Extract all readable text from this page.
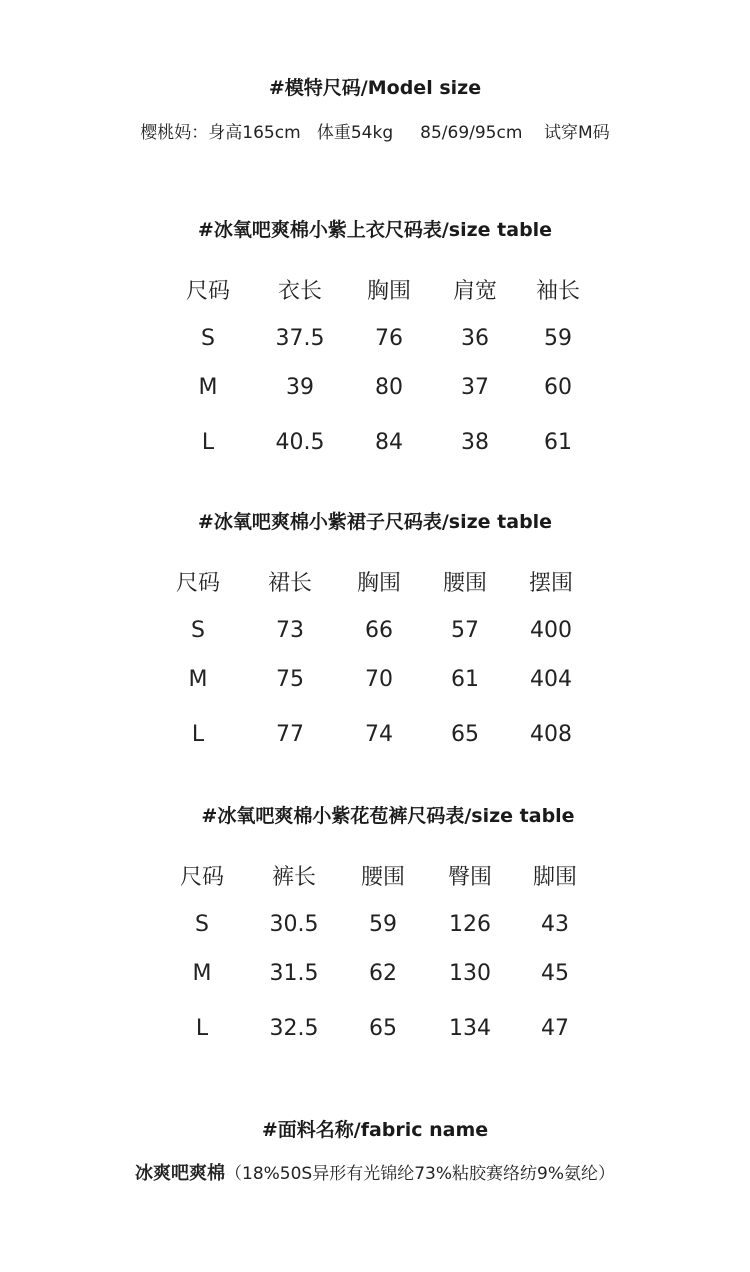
#模特尺码/Model size
樱桃妈：身高165cm   体重54kg     85/69/95cm    试穿M码
#冰氧吧爽棉小紫上衣尺码表/size table
尺码	衣长	胸围	肩宽	袖长
S	37.5	76	36	59
M	39	80	37	60
L	40.5	84	38	61
#冰氧吧爽棉小紫裙子尺码表/size table
尺码	裙长	胸围	腰围	摆围
S	73	66	57	400
M	75	70	61	404
L	77	74	65	408
#冰氧吧爽棉小紫花苞裤尺码表/size table
尺码	裤长	腰围	臀围	脚围
S	30.5	59	126	43
M	31.5	62	130	45
L	32.5	65	134	47
#面料名称/fabric name
冰爽吧爽棉（18%50S异形有光锦纶73%粘胶赛络纺9%氨纶）
